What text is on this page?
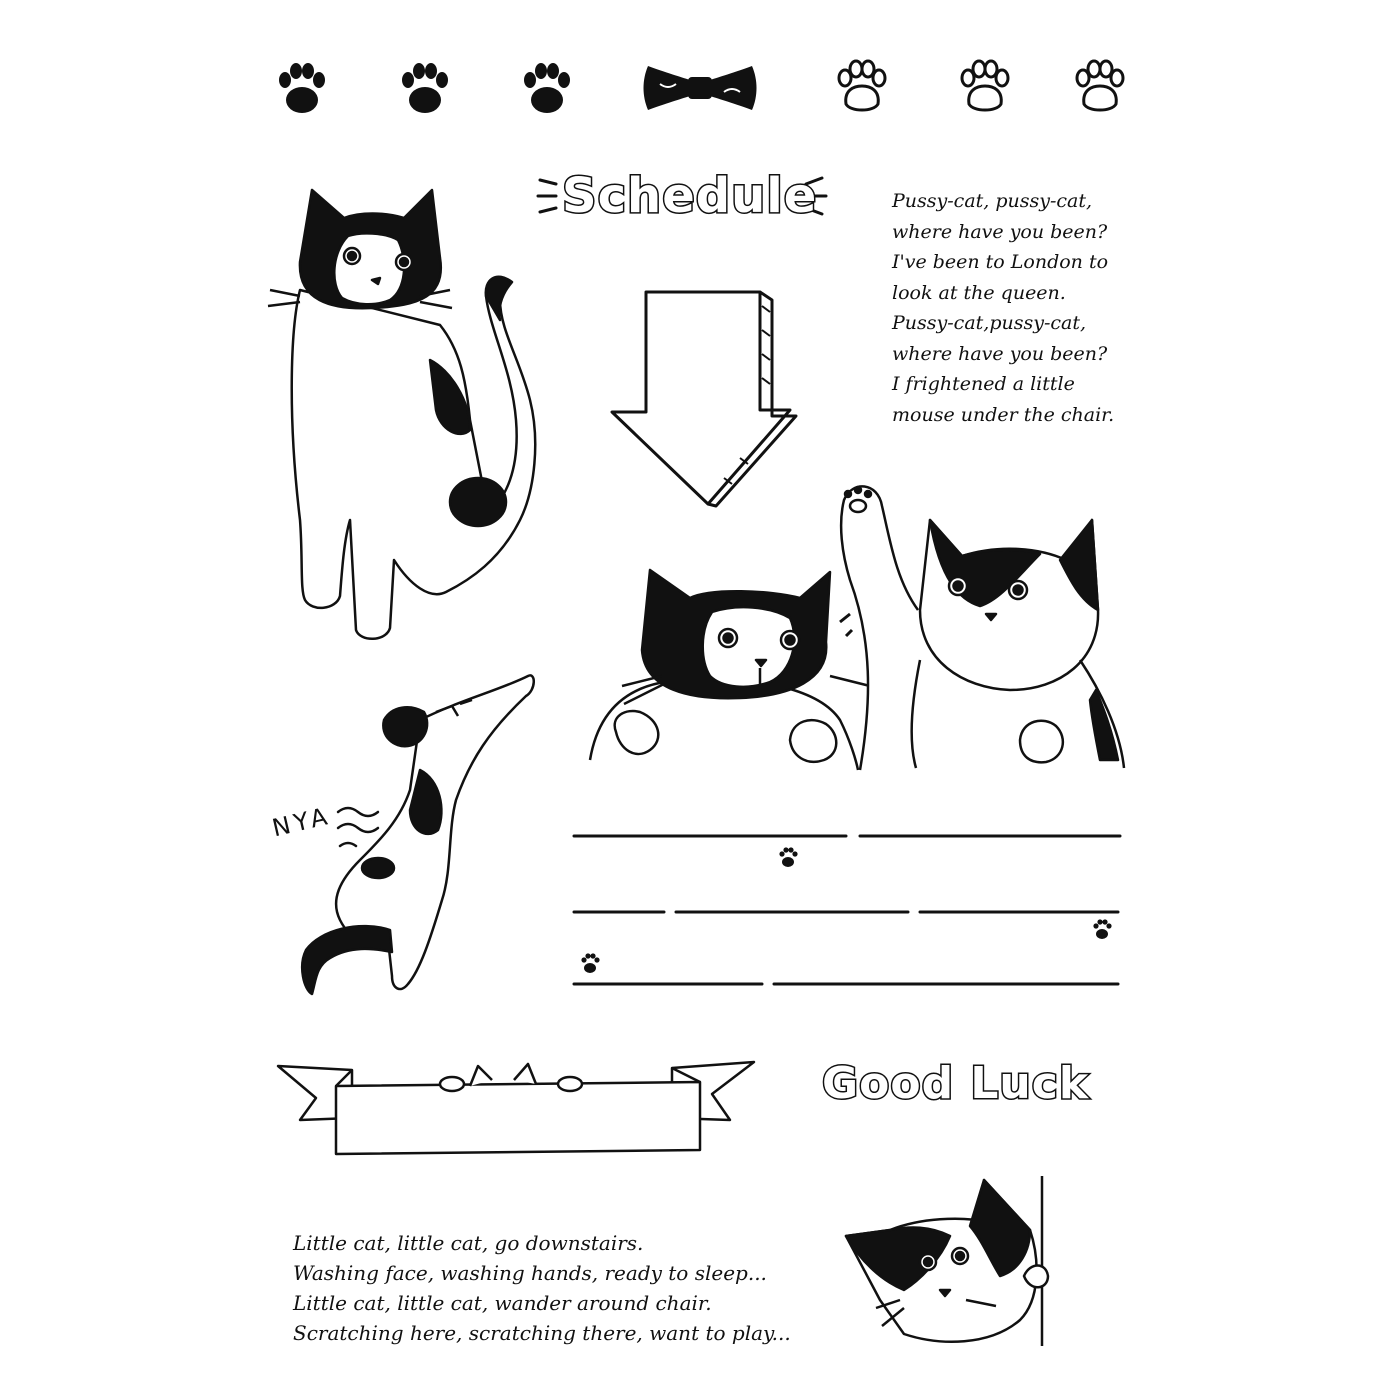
Schedule
Good Luck
NYA
Pussy-cat, pussy-cat,
where have you been?
I've been to London to
look at the queen.
Pussy-cat,pussy-cat,
where have you been?
I frightened a little
mouse under the chair.
Little cat, little cat, go downstairs.
Washing face, washing hands, ready to sleep...
Little cat, little cat, wander around chair.
Scratching here, scratching there, want to play...
